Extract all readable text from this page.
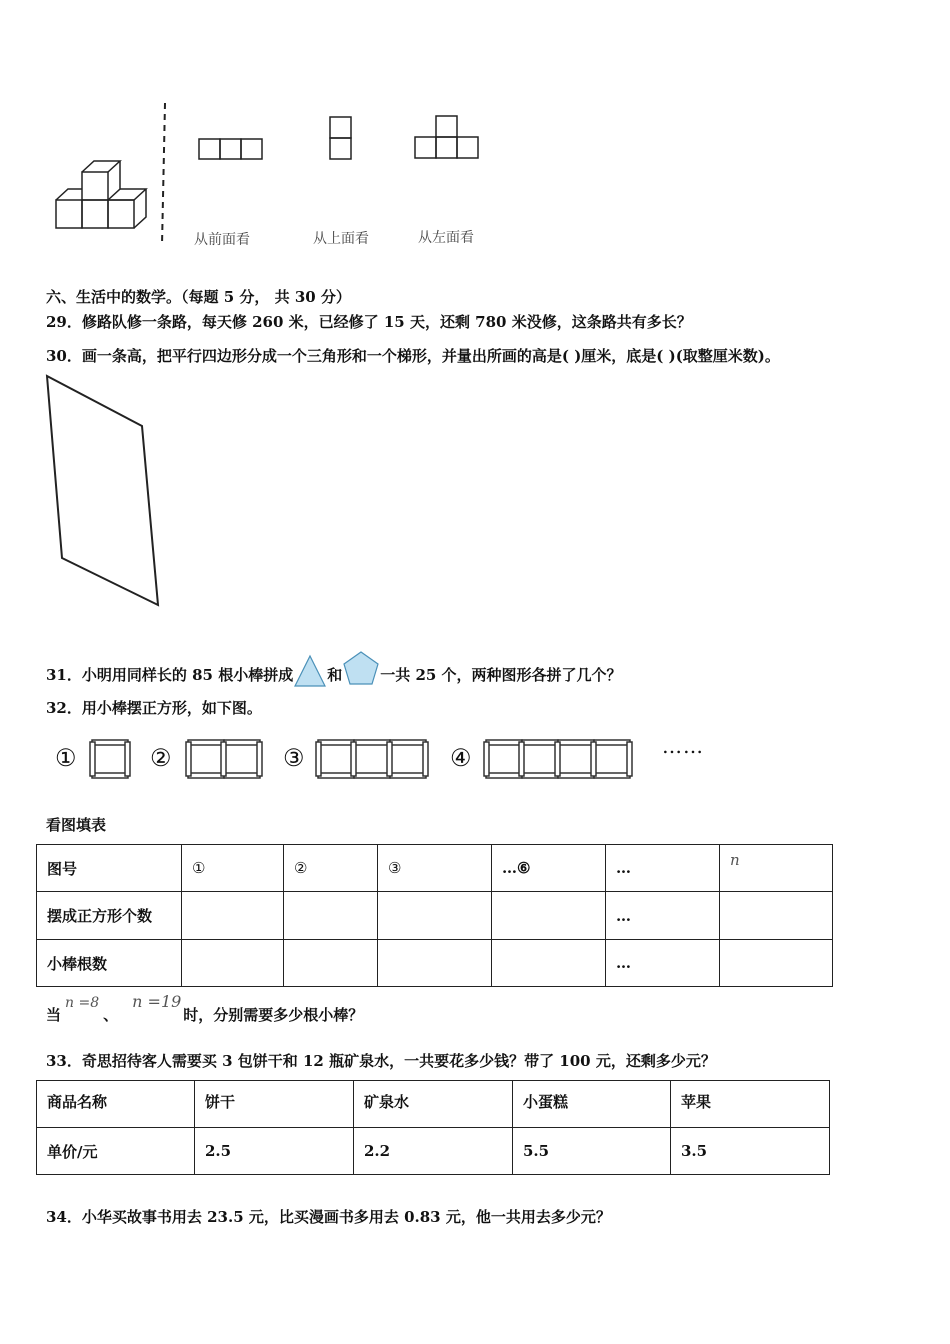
从前面看	从上面看	从左面看
六、生活中的数学。（每题 5 分， 共 30 分）
29．修路队修一条路，每天修 260 米，已经修了 15 天，还剩 780 米没修，这条路共有多长？
30．画一条高，把平行四边形分成一个三角形和一个梯形，并量出所画的高是( )厘米，底是( )(取整厘米数)。
31．小明用同样长的 85 根小棒拼成 和	一共 25 个，两种图形各拼了几个？
32．用小棒摆正方形，如下图。
①	②	③	④	……
看图填表
图号	①	②	③	…⑥	…	n
摆成正方形个数					…	
小棒根数					…	
当n =8、n =19时，分别需要多少根小棒？
33．奇思招待客人需要买 3 包饼干和 12 瓶矿泉水，一共要花多少钱？带了 100 元，还剩多少元？
商品名称	饼干	矿泉水	小蛋糕	苹果
单价/元	2.5	2.2	5.5	3.5
34．小华买故事书用去 23.5 元，比买漫画书多用去 0.83 元，他一共用去多少元？
